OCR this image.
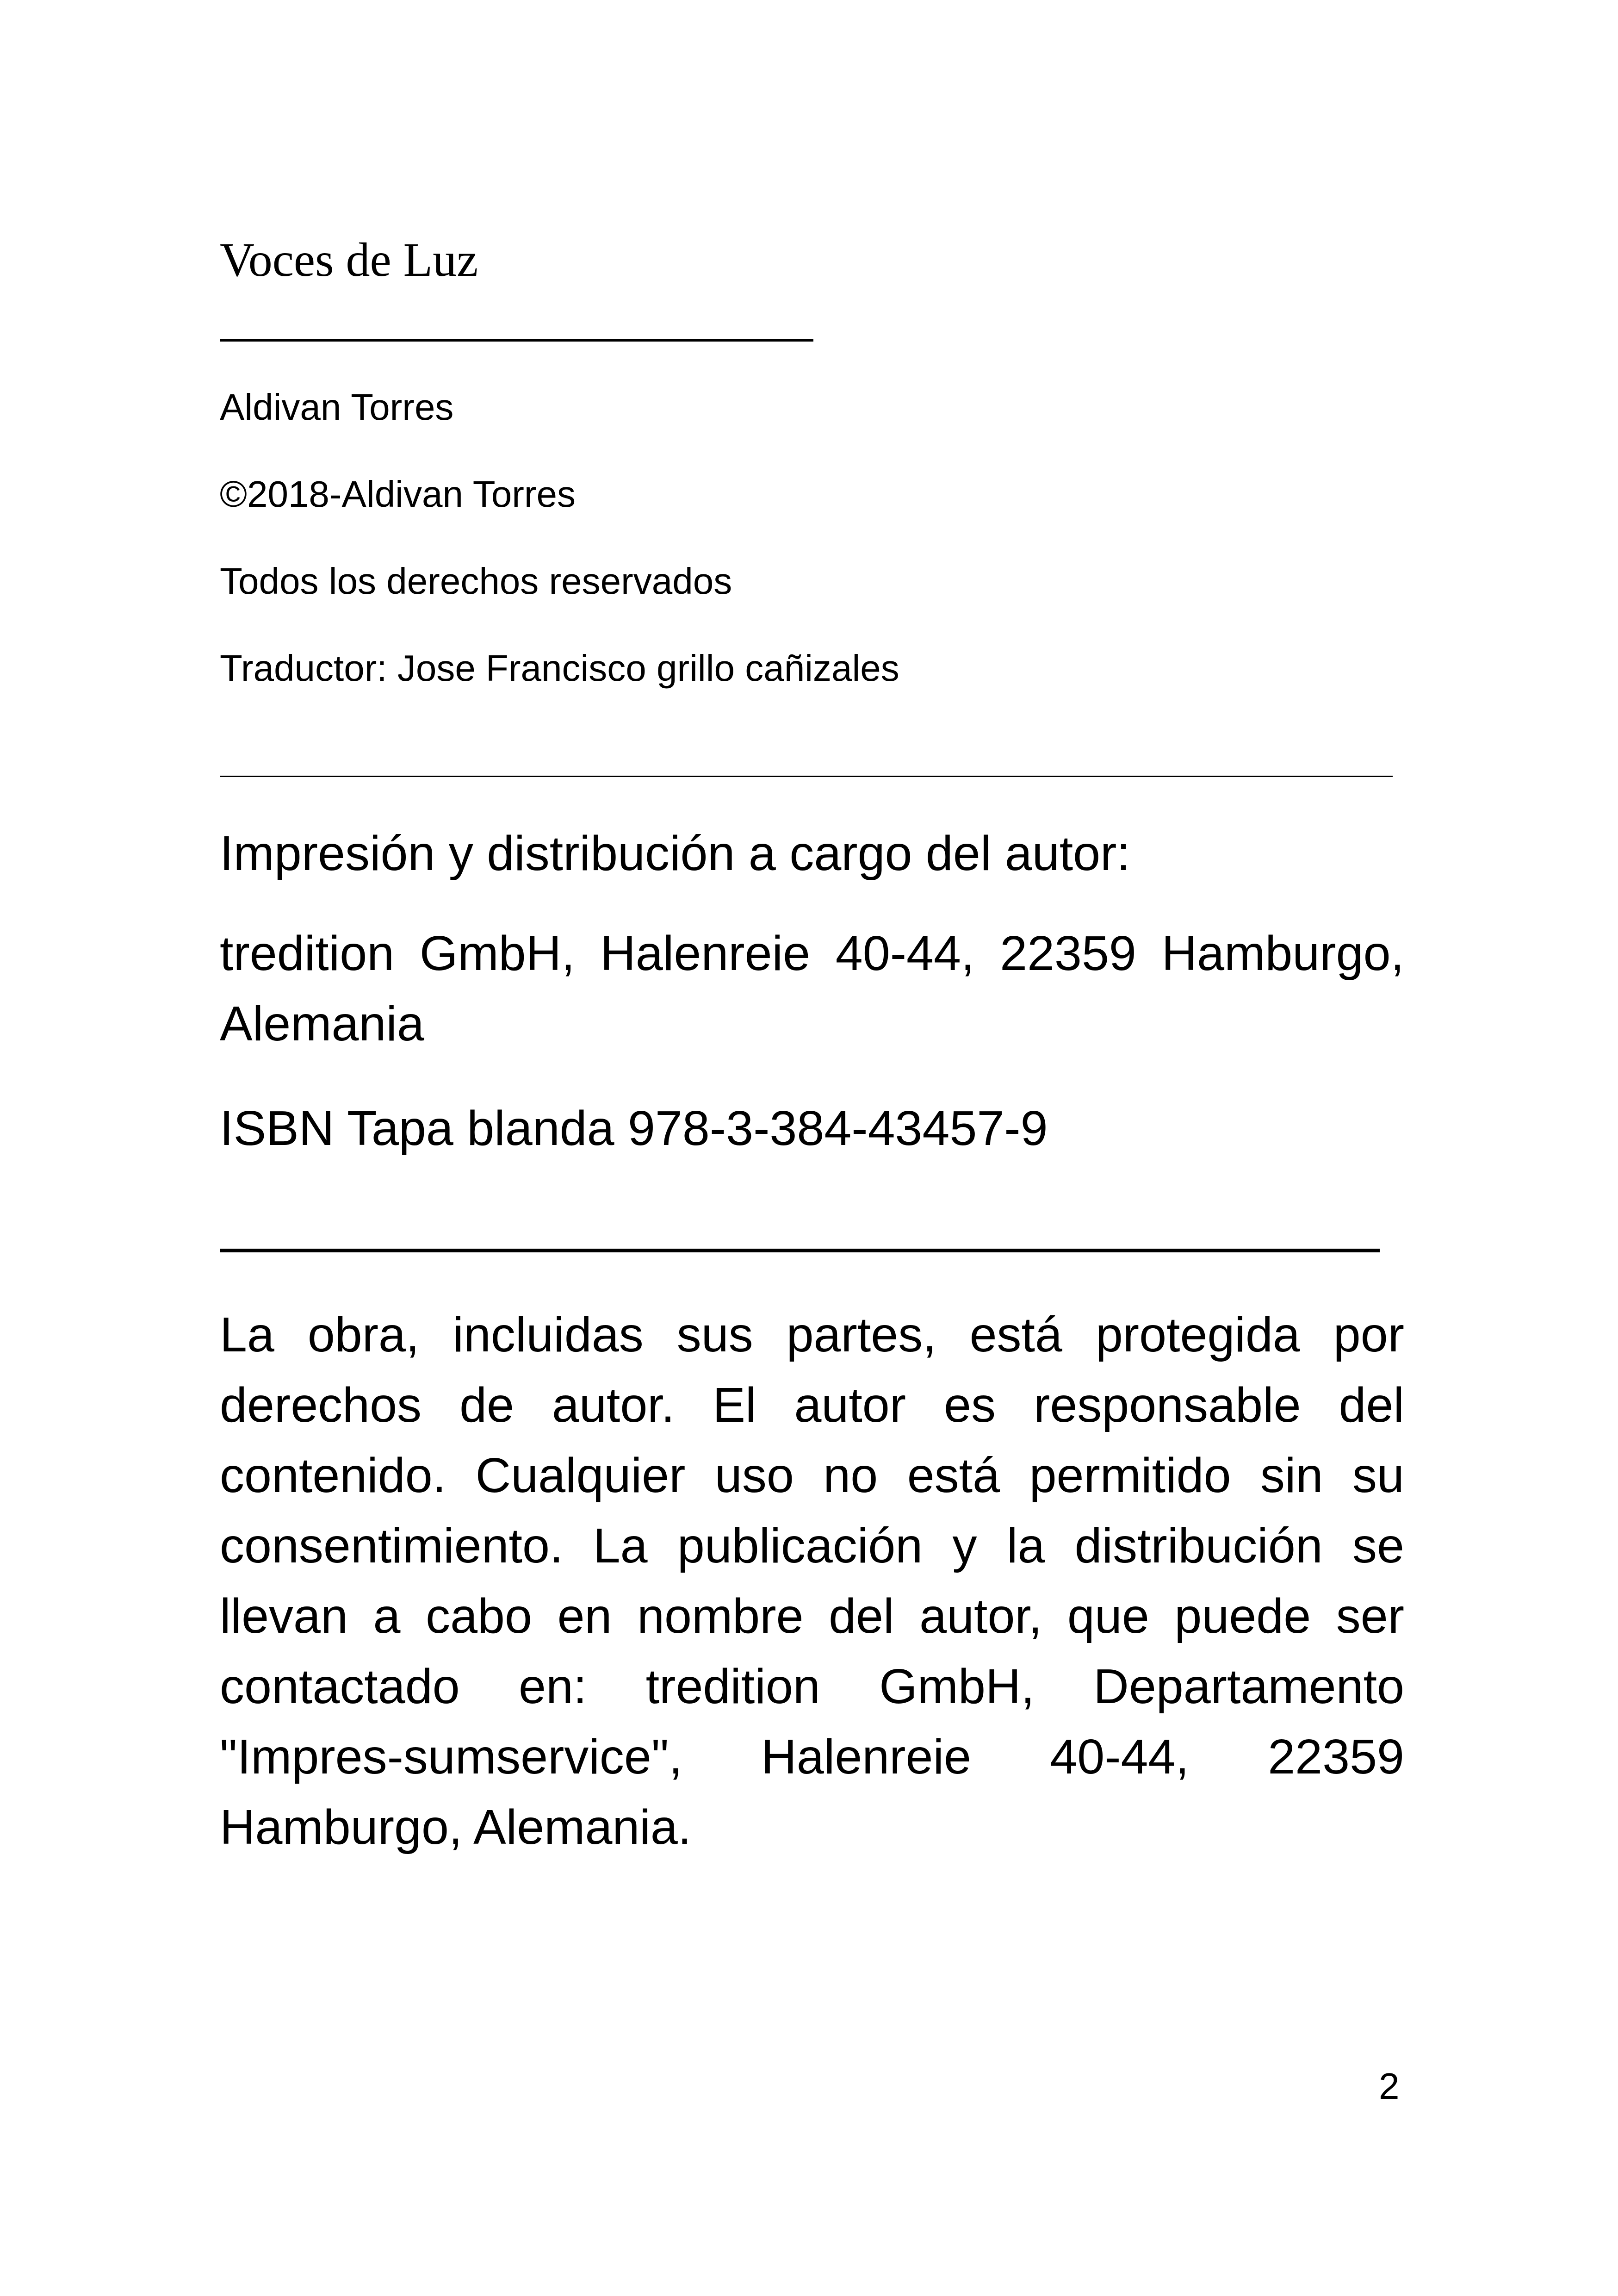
Voces de Luz

Aldivan Torres

©2018-Aldivan Torres

Todos los derechos reservados

Traductor: Jose Francisco grillo cañizales

Impresión y distribución a cargo del autor:

tredition GmbH, Halenreie 40-44, 22359 Hamburgo, Alemania

ISBN Tapa blanda 978-3-384-43457-9

La obra, incluidas sus partes, está protegida por derechos de autor. El autor es responsable del contenido. Cualquier uso no está permitido sin su consentimiento. La publicación y la distribución se llevan a cabo en nombre del autor, que puede ser contactado en: tredition GmbH, Departamento "Impres-sumservice", Halenreie 40-44, 22359 Hamburgo, Alemania.

2
